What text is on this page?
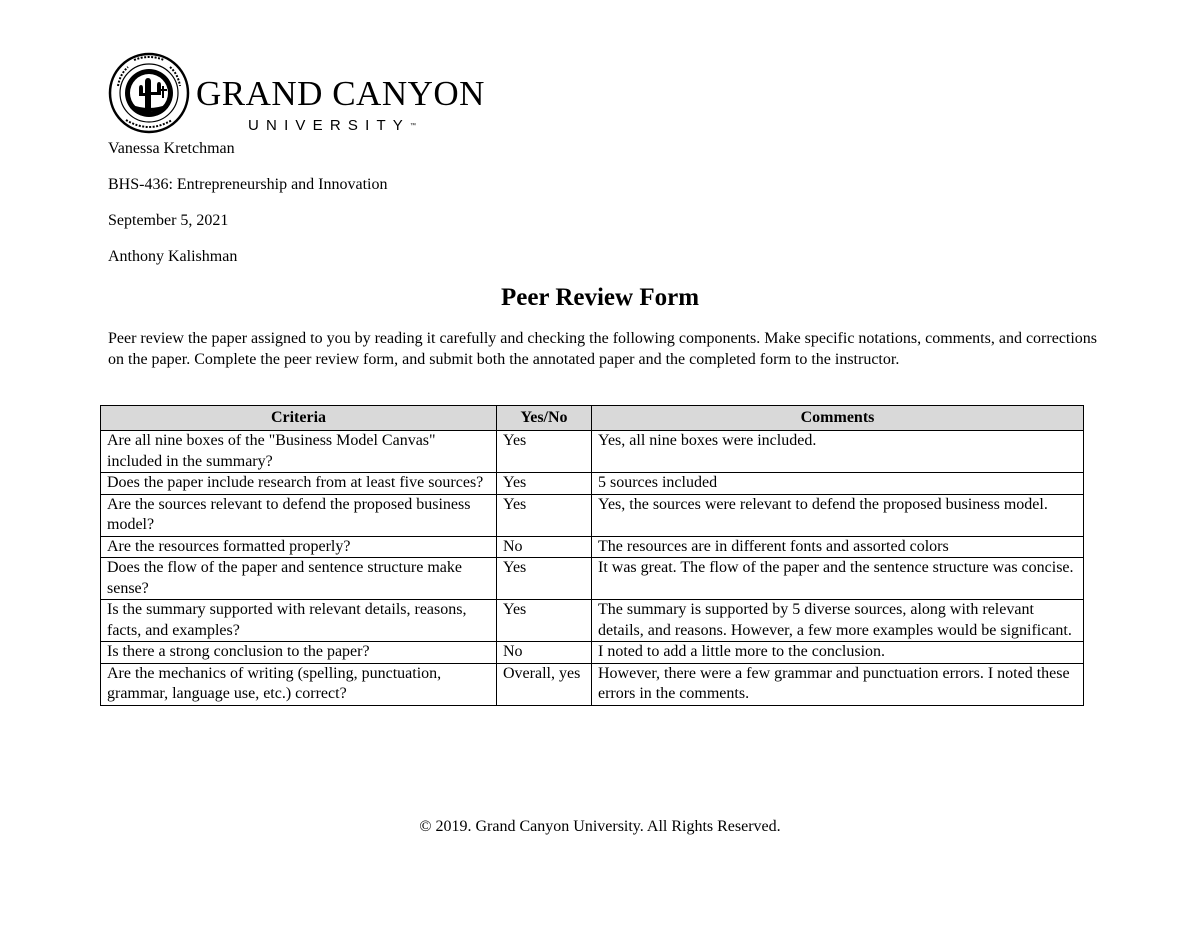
GRAND CANYON
UNIVERSITY™
Vanessa Kretchman
BHS-436: Entrepreneurship and Innovation
September 5, 2021
Anthony Kalishman
Peer Review Form
Peer review the paper assigned to you by reading it carefully and checking the following components. Make specific notations, comments, and corrections on the paper. Complete the peer review form, and submit both the annotated paper and the completed form to the instructor.
Criteria	Yes/No	Comments
Are all nine boxes of the "Business Model Canvas" included in the summary?	Yes	Yes, all nine boxes were included.
Does the paper include research from at least five sources?	Yes	5 sources included
Are the sources relevant to defend the proposed business model?	Yes	Yes, the sources were relevant to defend the proposed business model.
Are the resources formatted properly?	No	The resources are in different fonts and assorted colors
Does the flow of the paper and sentence structure make sense?	Yes	It was great. The flow of the paper and the sentence structure was concise.
Is the summary supported with relevant details, reasons, facts, and examples?	Yes	The summary is supported by 5 diverse sources, along with relevant details, and reasons. However, a few more examples would be significant.
Is there a strong conclusion to the paper?	No	I noted to add a little more to the conclusion.
Are the mechanics of writing (spelling, punctuation, grammar, language use, etc.) correct?	Overall, yes	However, there were a few grammar and punctuation errors. I noted these errors in the comments.
© 2019. Grand Canyon University. All Rights Reserved.
